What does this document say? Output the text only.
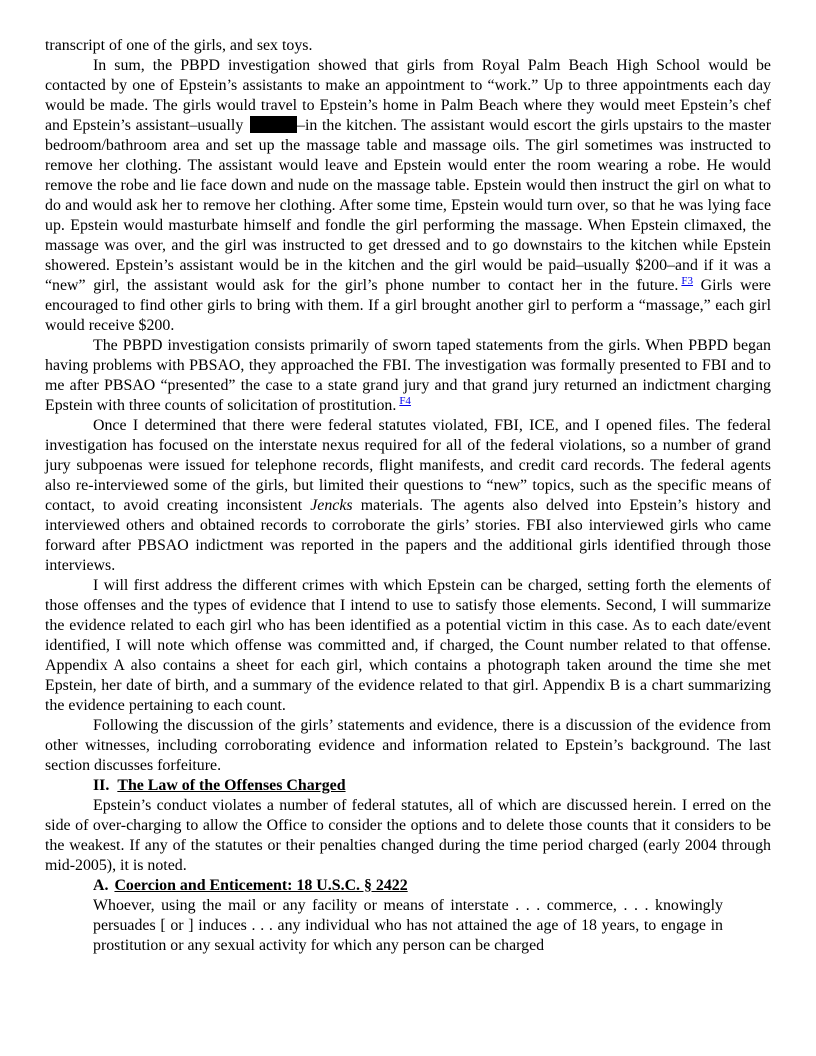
transcript of one of the girls, and sex toys.

In sum, the PBPD investigation showed that girls from Royal Palm Beach High School would be contacted by one of Epstein’s assistants to make an appointment to “work.” Up to three appointments each day would be made. The girls would travel to Epstein’s home in Palm Beach where they would meet Epstein’s chef and Epstein’s assistant–usually	–in the kitchen. The assistant would escort the girls upstairs to the master bedroom/bathroom area and set up the massage table and massage oils. The girl sometimes was instructed to remove her clothing. The assistant would leave and Epstein would enter the room wearing a robe. He would remove the robe and lie face down and nude on the massage table. Epstein would then instruct the girl on what to do and would ask her to remove her clothing. After some time, Epstein would turn over, so that he was lying face up. Epstein would masturbate himself and fondle the girl performing the massage. When Epstein climaxed, the massage was over, and the girl was instructed to get dressed and to go downstairs to the kitchen while Epstein showered. Epstein’s assistant would be in the kitchen and the girl would be paid–usually $200–and if it was a “new” girl, the assistant would ask for the girl’s phone number to contact her in the future. $^{F3}$ Girls were encouraged to find other girls to bring with them. If a girl brought another girl to perform a “massage,” each girl would receive $200.

The PBPD investigation consists primarily of sworn taped statements from the girls. When PBPD began having problems with PBSAO, they approached the FBI. The investigation was formally presented to FBI and to me after PBSAO “presented” the case to a state grand jury and that grand jury returned an indictment charging Epstein with three counts of solicitation of prostitution. $^{F4}$

Once I determined that there were federal statutes violated, FBI, ICE, and I opened files. The federal investigation has focused on the interstate nexus required for all of the federal violations, so a number of grand jury subpoenas were issued for telephone records, flight manifests, and credit card records. The federal agents also re-interviewed some of the girls, but limited their questions to “new” topics, such as the specific means of contact, to avoid creating inconsistent Jencks materials. The agents also delved into Epstein’s history and interviewed others and obtained records to corroborate the girls’ stories. FBI also interviewed girls who came forward after PBSAO indictment was reported in the papers and the additional girls identified through those interviews.

I will first address the different crimes with which Epstein can be charged, setting forth the elements of those offenses and the types of evidence that I intend to use to satisfy those elements. Second, I will summarize the evidence related to each girl who has been identified as a potential victim in this case. As to each date/event identified, I will note which offense was committed and, if charged, the Count number related to that offense. Appendix A also contains a sheet for each girl, which contains a photograph taken around the time she met Epstein, her date of birth, and a summary of the evidence related to that girl. Appendix B is a chart summarizing the evidence pertaining to each count.

Following the discussion of the girls’ statements and evidence, there is a discussion of the evidence from other witnesses, including corroborating evidence and information related to Epstein’s background. The last section discusses forfeiture.

II. The Law of the Offenses Charged

Epstein’s conduct violates a number of federal statutes, all of which are discussed herein. I erred on the side of over-charging to allow the Office to consider the options and to delete those counts that it considers to be the weakest. If any of the statutes or their penalties changed during the time period charged (early 2004 through mid-2005), it is noted.

A. Coercion and Enticement: 18 U.S.C. § 2422

Whoever, using the mail or any facility or means of interstate . . . commerce, . . . knowingly persuades [ or ] induces . . . any individual who has not attained the age of 18 years, to engage in prostitution or any sexual activity for which any person can be charged
